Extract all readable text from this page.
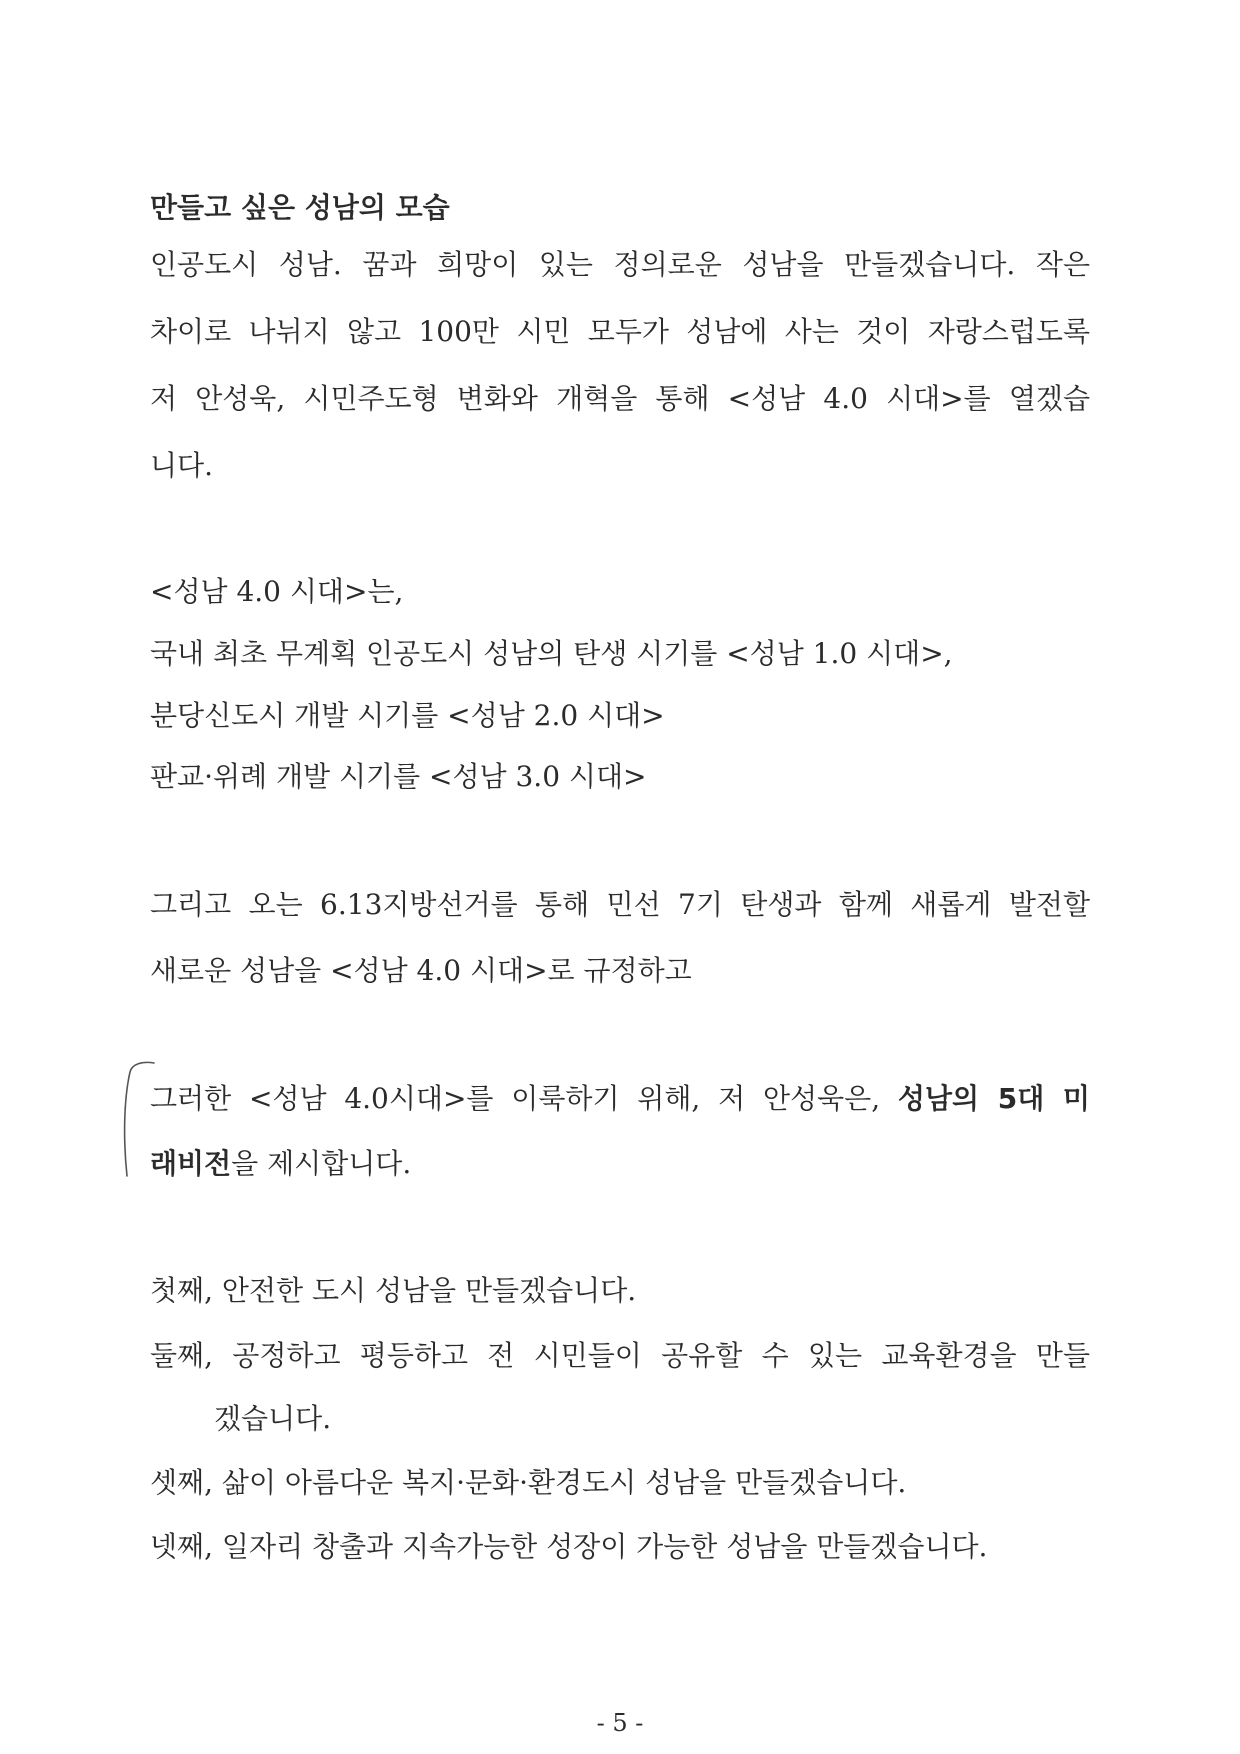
만들고 싶은 성남의 모습

인공도시 성남. 꿈과 희망이 있는 정의로운 성남을 만들겠습니다. 작은

차이로 나뉘지 않고 100만 시민 모두가 성남에 사는 것이 자랑스럽도록

저 안성욱, 시민주도형 변화와 개혁을 통해 <성남 4.0 시대>를 열겠습

니다.

<성남 4.0 시대>는,

국내 최초 무계획 인공도시 성남의 탄생 시기를 <성남 1.0 시대>,

분당신도시 개발 시기를 <성남 2.0 시대>

판교·위례 개발 시기를 <성남 3.0 시대>

그리고 오는 6.13지방선거를 통해 민선 7기 탄생과 함께 새롭게 발전할

새로운 성남을 <성남 4.0 시대>로 규정하고

그러한 <성남 4.0시대>를 이룩하기 위해, 저 안성욱은, 성남의 5대 미

래비전을 제시합니다.

첫째, 안전한 도시 성남을 만들겠습니다.

둘째, 공정하고 평등하고 전 시민들이 공유할 수 있는 교육환경을 만들

겠습니다.

셋째, 삶이 아름다운 복지·문화·환경도시 성남을 만들겠습니다.

넷째, 일자리 창출과 지속가능한 성장이 가능한 성남을 만들겠습니다.

- 5 -
